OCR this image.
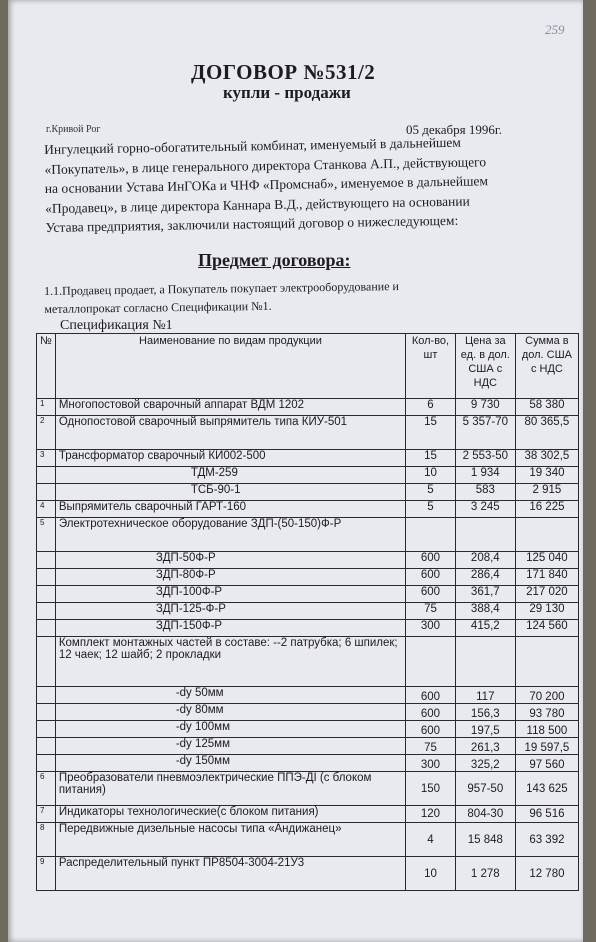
259
ДОГОВОР №531/2
купли - продажи
г.Кривой Рог	05 декабря 1996г.
Ингулецкий горно-обогатительный комбинат, именуемый в дальнейшем
«Покупатель», в лице генерального директора Станкова А.П., действующего
на основании Устава ИнГОКа и ЧНФ «Промснаб», именуемое в дальнейшем
«Продавец», в лице директора Каннара В.Д., действующего на основании
Устава предприятия, заключили настоящий договор о нижеследующем:
Предмет договора:
1.1.Продавец продает, а Покупатель покупает электрооборудование и
металлопрокат согласно Спецификации №1.
Спецификация №1
№	Наименование по видам продукции	Кол-во, шт	Цена за ед. в дол. США с НДС	Сумма в дол. США с НДС
1	Многопостовой сварочный аппарат ВДМ 1202	6	9 730	58 380
2	Однопостовой сварочный выпрямитель типа КИУ-501	15	5 357-70	80 365,5
3	Трансформатор сварочный КИ002-500	15	2 553-50	38 302,5
	ТДМ-259	10	1 934	19 340
	ТСБ-90-1	5	583	2 915
4	Выпрямитель сварочный ГАРТ-160	5	3 245	16 225
5	Электротехническое оборудование ЗДП-(50-150)Ф-Р			
	ЗДП-50Ф-Р	600	208,4	125 040
	ЗДП-80Ф-Р	600	286,4	171 840
	ЗДП-100Ф-Р	600	361,7	217 020
	ЗДП-125-Ф-Р	75	388,4	29 130
	ЗДП-150Ф-Р	300	415,2	124 560
	Комплект монтажных частей в составе: --2 патрубка; 6 шпилек; 12 чаек; 12 шайб; 2 прокладки			
	-dy 50мм	600	117	70 200
	-dy 80мм	600	156,3	93 780
	-dy 100мм	600	197,5	118 500
	-dy 125мм	75	261,3	19 597,5
	-dy 150мм	300	325,2	97 560
6	Преобразователи пневмоэлектрические ППЭ-ДI (с блоком питания)	150	957-50	143 625
7	Индикаторы технологические(с блоком питания)	120	804-30	96 516
8	Передвижные дизельные насосы типа «Андижанец»	4	15 848	63 392
9	Распределительный пункт ПР8504-3004-21У3	10	1 278	12 780
